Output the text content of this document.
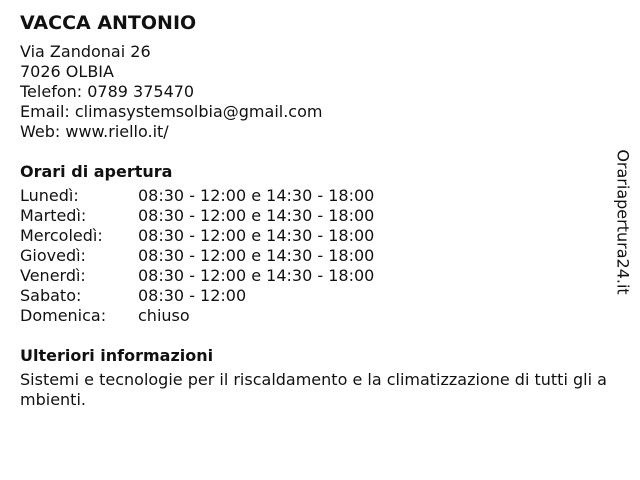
VACCA ANTONIO
Via Zandonai 26
7026 OLBIA
Telefon: 0789 375470
Email: climasystemsolbia@gmail.com
Web: www.riello.it/
Orari di apertura
Lunedì:	08:30 - 12:00 e 14:30 - 18:00
Martedì:	08:30 - 12:00 e 14:30 - 18:00
Mercoledì:	08:30 - 12:00 e 14:30 - 18:00
Giovedì:	08:30 - 12:00 e 14:30 - 18:00
Venerdì:	08:30 - 12:00 e 14:30 - 18:00
Sabato:	08:30 - 12:00
Domenica:	chiuso
Ulteriori informazioni
Sistemi e tecnologie per il riscaldamento e la climatizzazione di tutti gli ambienti.
Orariapertura24.it
